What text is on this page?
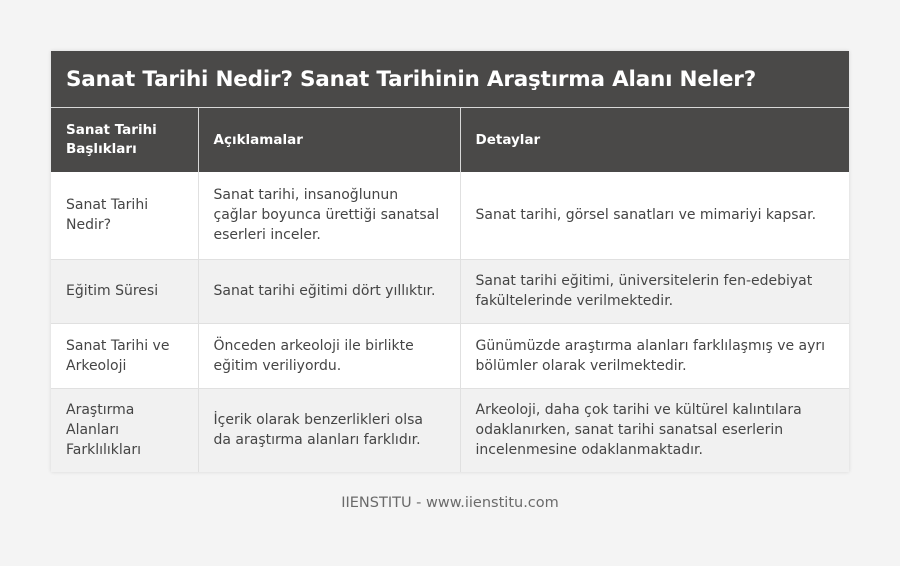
Sanat Tarihi Nedir? Sanat Tarihinin Araştırma Alanı Neler?
Sanat Tarihi Başlıkları	Açıklamalar	Detaylar
Sanat Tarihi Nedir?	Sanat tarihi, insanoğlunun çağlar boyunca ürettiği sanatsal eserleri inceler.	Sanat tarihi, görsel sanatları ve mimariyi kapsar.
Eğitim Süresi	Sanat tarihi eğitimi dört yıllıktır.	Sanat tarihi eğitimi, üniversitelerin fen-edebiyat fakültelerinde verilmektedir.
Sanat Tarihi ve Arkeoloji	Önceden arkeoloji ile birlikte eğitim veriliyordu.	Günümüzde araştırma alanları farklılaşmış ve ayrı bölümler olarak verilmektedir.
Araştırma Alanları Farklılıkları	İçerik olarak benzerlikleri olsa da araştırma alanları farklıdır.	Arkeoloji, daha çok tarihi ve kültürel kalıntılara odaklanırken, sanat tarihi sanatsal eserlerin incelenmesine odaklanmaktadır.
IIENSTITU - www.iienstitu.com
